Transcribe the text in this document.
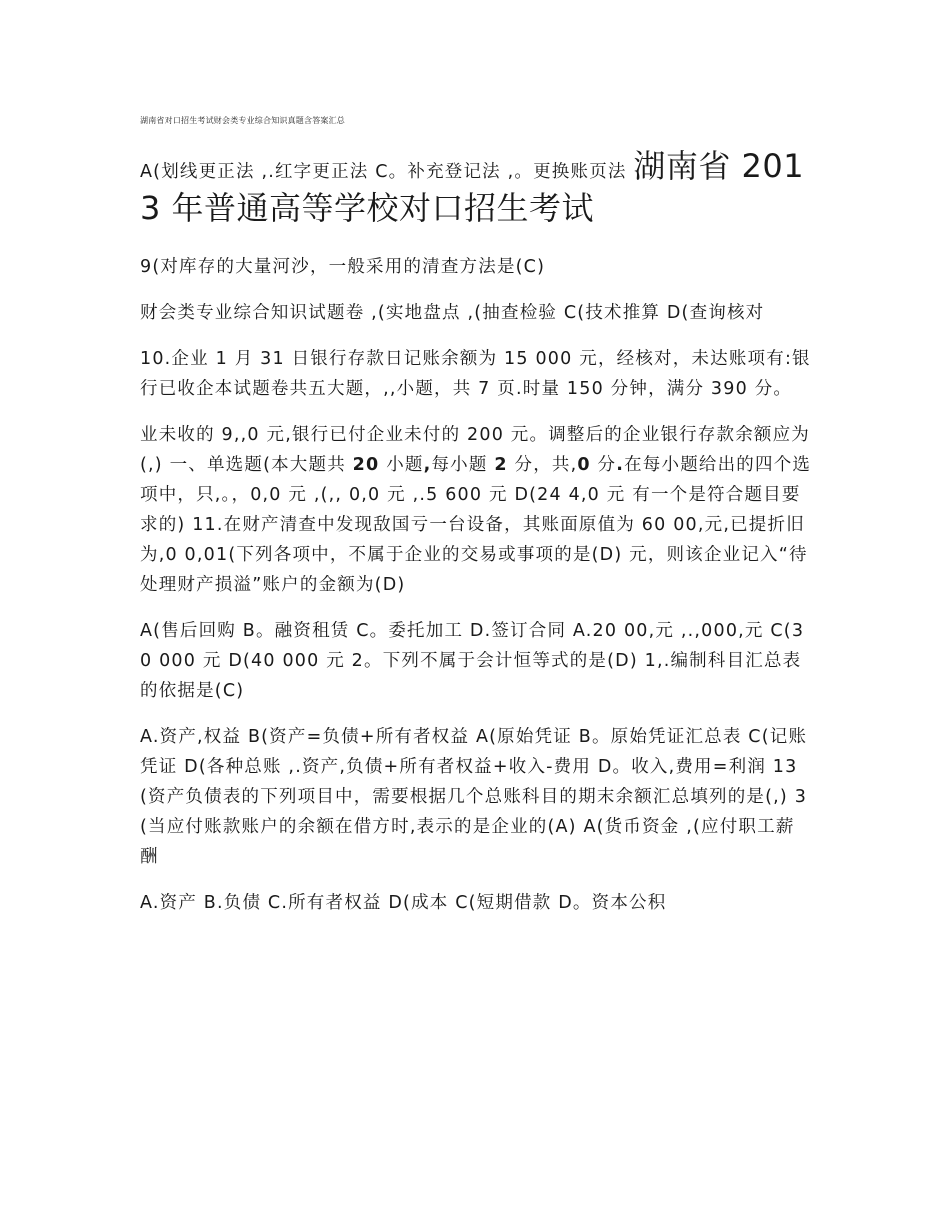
湖南省对口招生考试财会类专业综合知识真题含答案汇总

A(划线更正法 ,.红字更正法 C。补充登记法 ,。更换账页法 湖南省 2013 年普通高等学校对口招生考试

9(对库存的大量河沙，一般采用的清查方法是(C)

财会类专业综合知识试题卷 ,(实地盘点 ,(抽查检验 C(技术推算 D(查询核对

10.企业 1 月 31 日银行存款日记账余额为 15 000 元，经核对，未达账项有:银行已收企本试题卷共五大题，,,小题，共 7 页.时量 150 分钟，满分 390 分。

业未收的 9,,0 元,银行已付企业未付的 200 元。调整后的企业银行存款余额应为(,) 一、单选题(本大题共 20 小题,每小题 2 分，共,0 分.在每小题给出的四个选项中，只,。，0,0 元 ,(,, 0,0 元 ,.5 600 元 D(24 4,0 元 有一个是符合题目要求的) 11.在财产清查中发现敌国亏一台设备，其账面原值为 60 00,元,已提折旧为,0 0,01(下列各项中，不属于企业的交易或事项的是(D) 元，则该企业记入“待处理财产损溢”账户的金额为(D)

A(售后回购 B。融资租赁 C。委托加工 D.签订合同 A.20 00,元 ,.,000,元 C(30 000 元 D(40 000 元 2。下列不属于会计恒等式的是(D) 1,.编制科目汇总表的依据是(C)

A.资产,权益 B(资产=负债+所有者权益 A(原始凭证 B。原始凭证汇总表 C(记账凭证 D(各种总账 ,.资产,负债+所有者权益+收入-费用 D。收入,费用=利润 13(资产负债表的下列项目中，需要根据几个总账科目的期末余额汇总填列的是(,) 3(当应付账款账户的余额在借方时,表示的是企业的(A) A(货币资金 ,(应付职工薪酬

A.资产 B.负债 C.所有者权益 D(成本 C(短期借款 D。资本公积
